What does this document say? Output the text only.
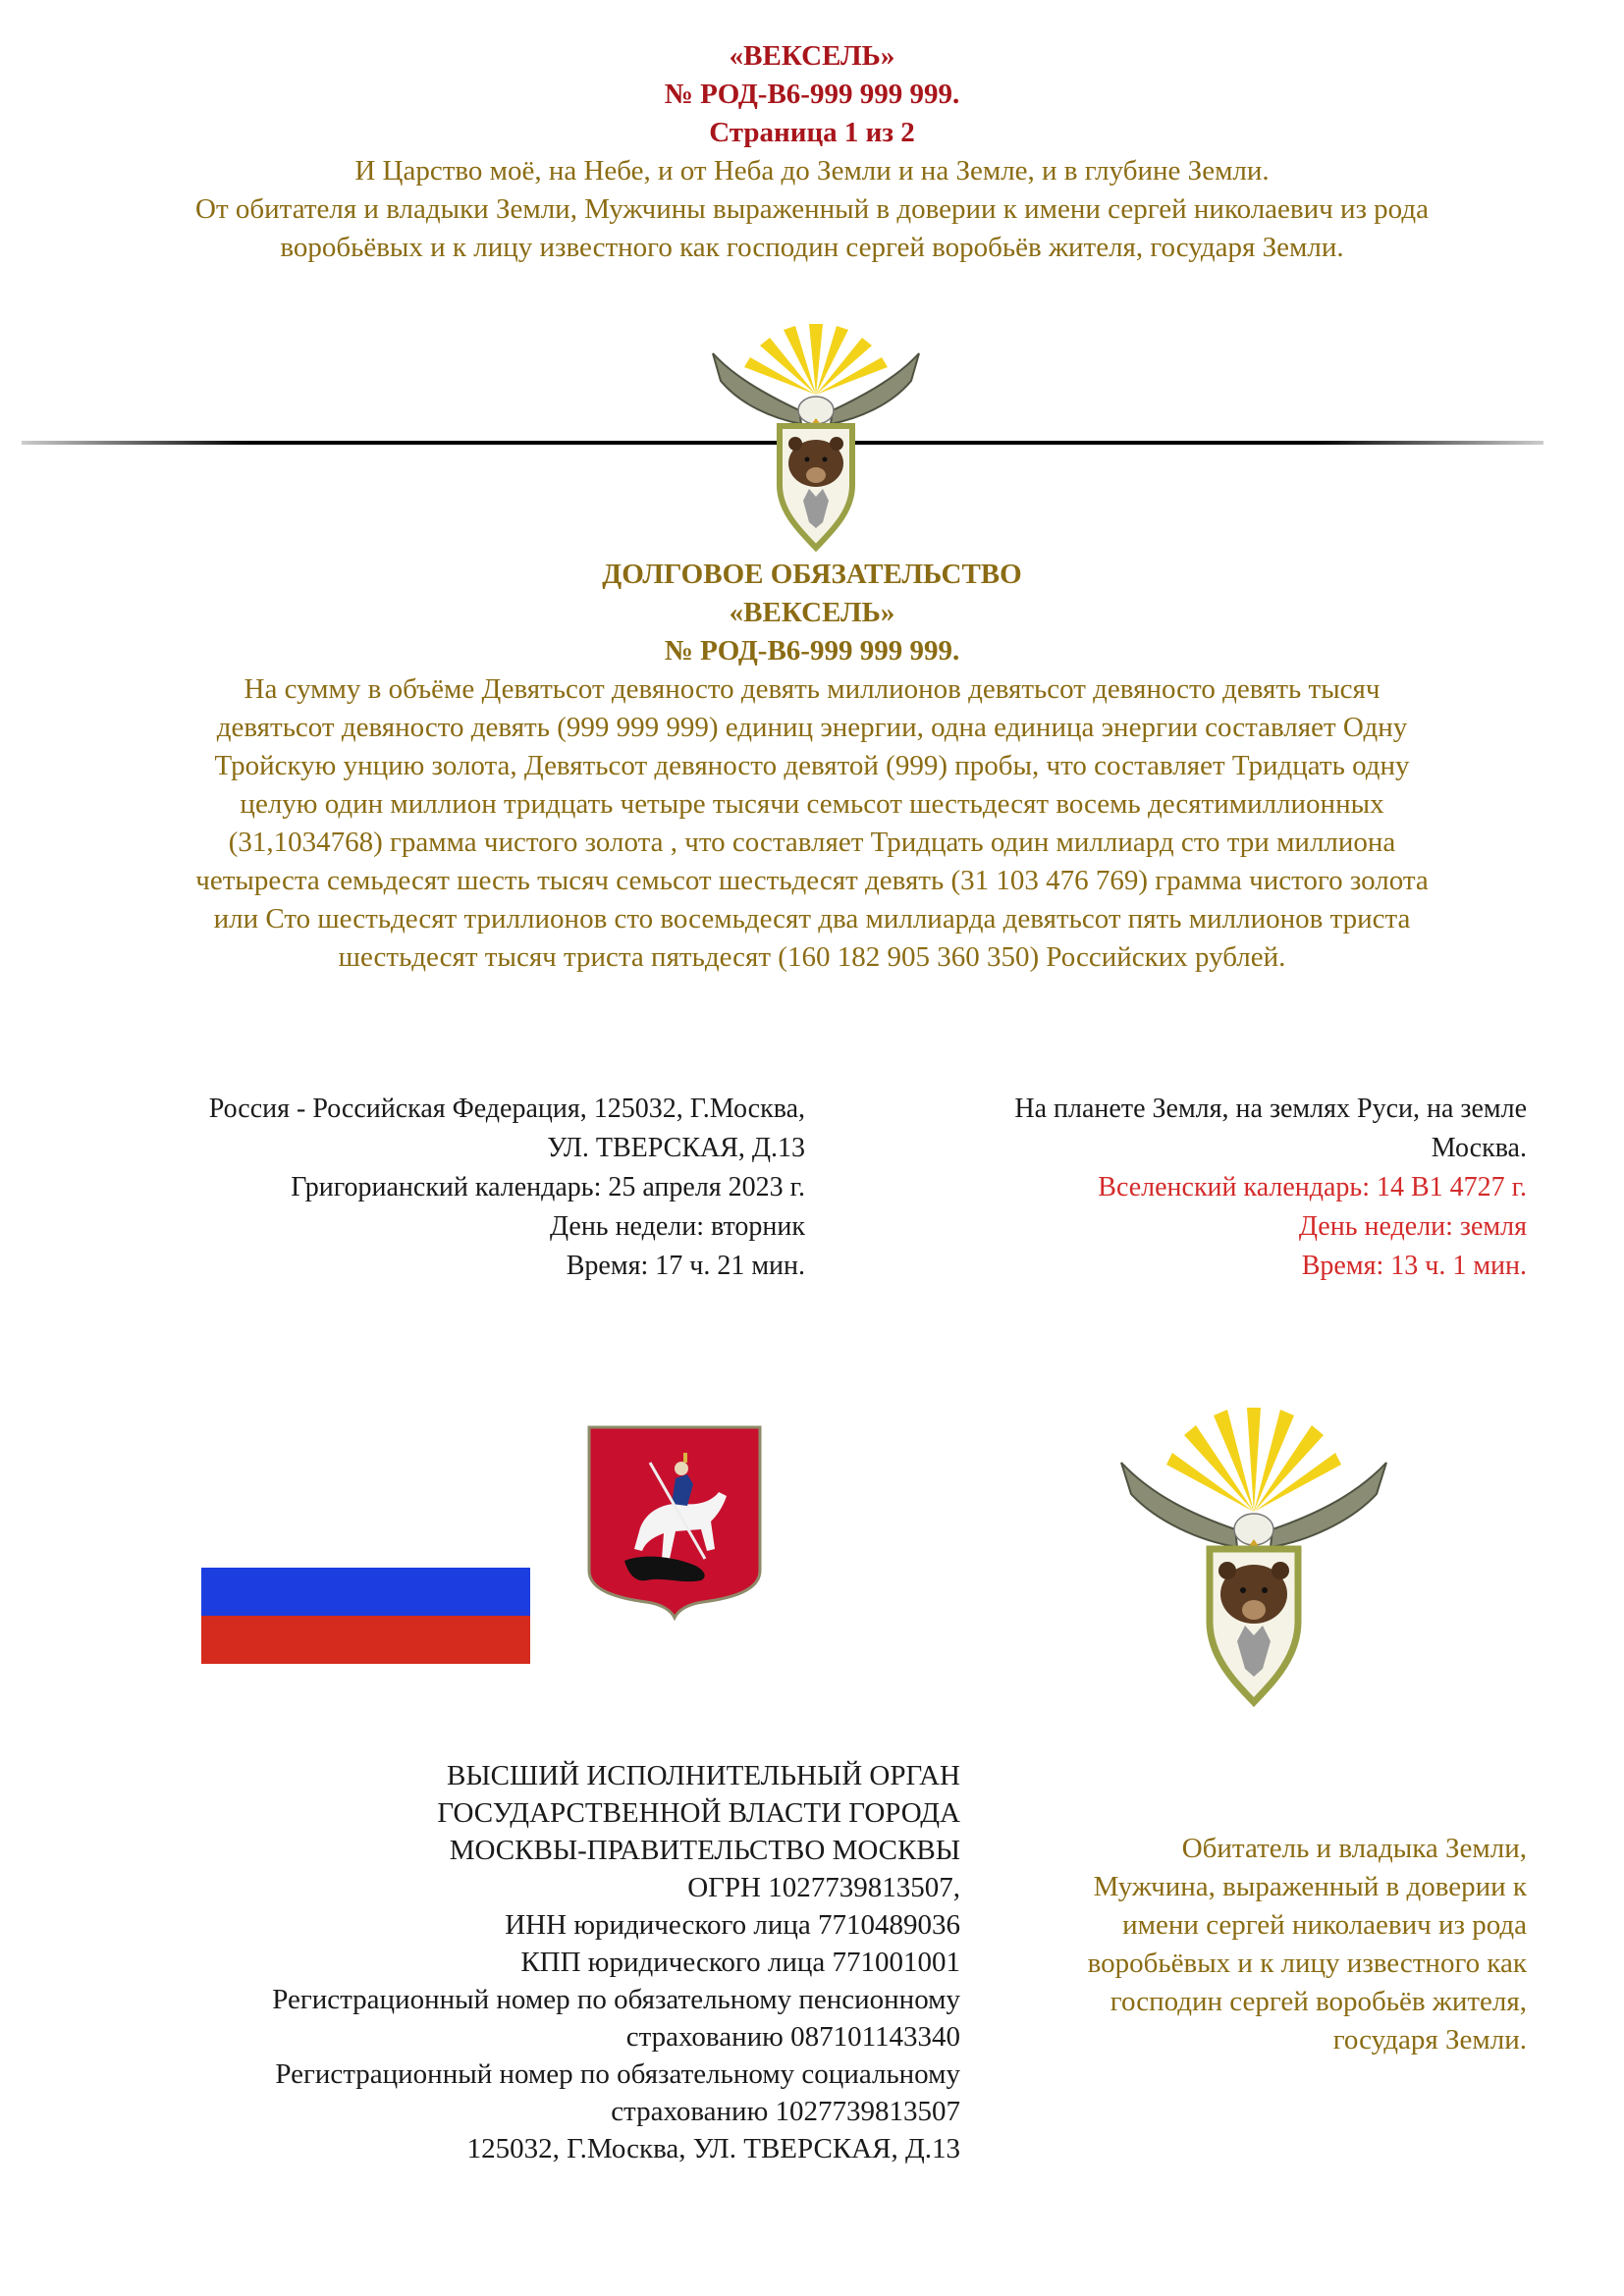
«ВЕКСЕЛЬ»
№ РОД-В6-999 999 999.
Страница 1 из 2
И Царство моё, на Небе, и от Неба до Земли и на Земле, и в глубине Земли.
От обитателя и владыки Земли, Мужчины выраженный в доверии к имени сергей николаевич из рода
воробьёвых и к лицу известного как господин сергей воробьёв жителя, государя Земли.
ДОЛГОВОЕ ОБЯЗАТЕЛЬСТВО
«ВЕКСЕЛЬ»
№ РОД-В6-999 999 999.
На сумму в объёме Девятьсот девяносто девять миллионов девятьсот девяносто девять тысяч
девятьсот девяносто девять (999 999 999) единиц энергии, одна единица энергии составляет Одну
Тройскую унцию золота, Девятьсот девяносто девятой (999) пробы, что составляет Тридцать одну
целую один миллион тридцать четыре тысячи семьсот шестьдесят восемь десятимиллионных
(31,1034768) грамма чистого золота , что составляет Тридцать один миллиард сто три миллиона
четыреста семьдесят шесть тысяч семьсот шестьдесят девять (31 103 476 769) грамма чистого золота
или Сто шестьдесят триллионов сто восемьдесят два миллиарда девятьсот пять миллионов триста
шестьдесят тысяч триста пятьдесят (160 182 905 360 350) Российских рублей.
Россия - Российская Федерация, 125032, Г.Москва,
УЛ. ТВЕРСКАЯ, Д.13
Григорианский календарь: 25 апреля 2023 г.
День недели: вторник
Время: 17 ч. 21 мин.
На планете Земля, на землях Руси, на земле
Москва.
Вселенский календарь: 14 В1 4727 г.
День недели: земля
Время: 13 ч. 1 мин.
ВЫСШИЙ ИСПОЛНИТЕЛЬНЫЙ ОРГАН
ГОСУДАРСТВЕННОЙ ВЛАСТИ ГОРОДА
МОСКВЫ-ПРАВИТЕЛЬСТВО МОСКВЫ
ОГРН 1027739813507,
ИНН юридического лица 7710489036
КПП юридического лица 771001001
Регистрационный номер по обязательному пенсионному
страхованию 087101143340
Регистрационный номер по обязательному социальному
страхованию 1027739813507
125032, Г.Москва, УЛ. ТВЕРСКАЯ, Д.13
Обитатель и владыка Земли,
Мужчина, выраженный в доверии к
имени сергей николаевич из рода
воробьёвых и к лицу известного как
господин сергей воробьёв жителя,
государя Земли.
